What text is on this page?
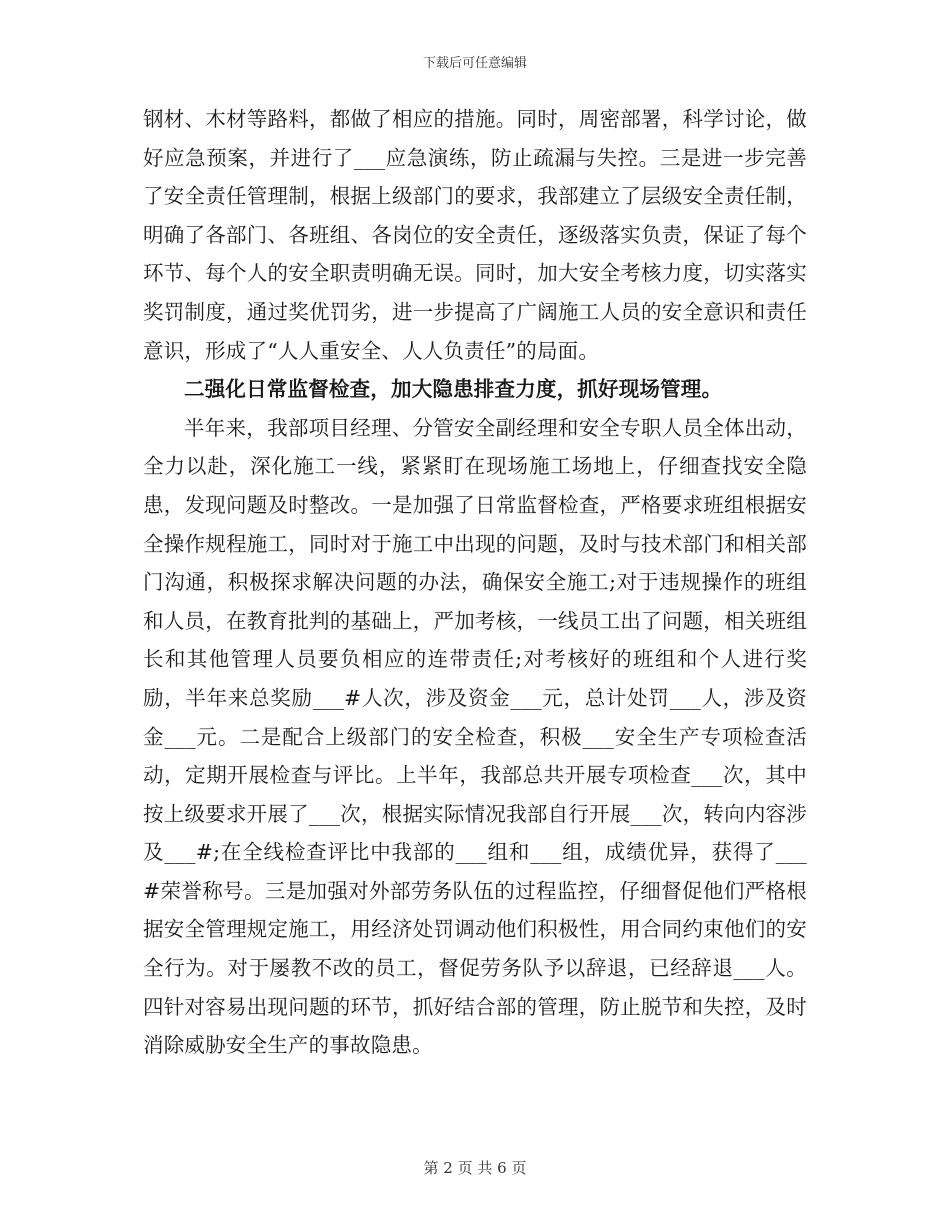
下载后可任意编辑

钢材、木材等路料，都做了相应的措施。同时，周密部署，科学讨论，做好应急预案，并进行了___应急演练，防止疏漏与失控。三是进一步完善了安全责任管理制，根据上级部门的要求，我部建立了层级安全责任制，明确了各部门、各班组、各岗位的安全责任，逐级落实负责，保证了每个环节、每个人的安全职责明确无误。同时，加大安全考核力度，切实落实奖罚制度，通过奖优罚劣，进一步提高了广阔施工人员的安全意识和责任意识，形成了“人人重安全、人人负责任”的局面。

二强化日常监督检查，加大隐患排查力度，抓好现场管理。

半年来，我部项目经理、分管安全副经理和安全专职人员全体出动，全力以赴，深化施工一线，紧紧盯在现场施工场地上，仔细查找安全隐患，发现问题及时整改。一是加强了日常监督检查，严格要求班组根据安全操作规程施工，同时对于施工中出现的问题，及时与技术部门和相关部门沟通，积极探求解决问题的办法，确保安全施工;对于违规操作的班组和人员，在教育批判的基础上，严加考核，一线员工出了问题，相关班组长和其他管理人员要负相应的连带责任;对考核好的班组和个人进行奖励，半年来总奖励___#人次，涉及资金___元，总计处罚___人，涉及资金___元。二是配合上级部门的安全检查，积极___安全生产专项检查活动，定期开展检查与评比。上半年，我部总共开展专项检查___次，其中按上级要求开展了___次，根据实际情况我部自行开展___次，转向内容涉及___#;在全线检查评比中我部的___组和___组，成绩优异，获得了___#荣誉称号。三是加强对外部劳务队伍的过程监控，仔细督促他们严格根据安全管理规定施工，用经济处罚调动他们积极性，用合同约束他们的安全行为。对于屡教不改的员工，督促劳务队予以辞退，已经辞退___人。四针对容易出现问题的环节，抓好结合部的管理，防止脱节和失控，及时消除威胁安全生产的事故隐患。

第 2 页 共 6 页
